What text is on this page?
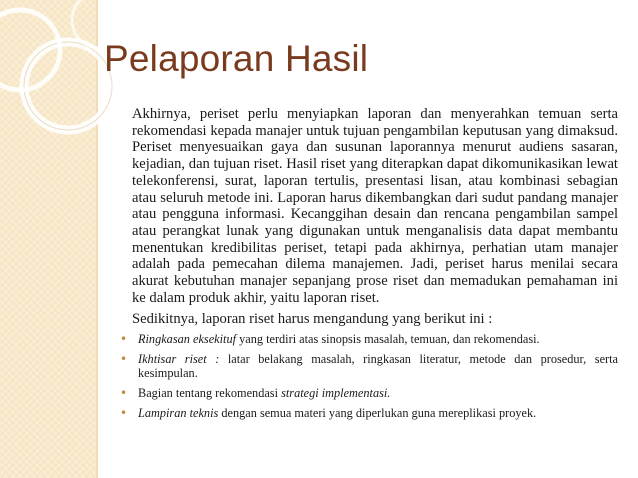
Pelaporan Hasil

Akhirnya, periset perlu menyiapkan laporan dan menyerahkan temuan serta rekomendasi kepada manajer untuk tujuan pengambilan keputusan yang dimaksud. Periset menyesuaikan gaya dan susunan laporannya menurut audiens sasaran, kejadian, dan tujuan riset. Hasil riset yang diterapkan dapat dikomunikasikan lewat telekonferensi, surat, laporan tertulis, presentasi lisan, atau kombinasi sebagian atau seluruh metode ini. Laporan harus dikembangkan dari sudut pandang manajer atau pengguna informasi. Kecanggihan desain dan rencana pengambilan sampel atau perangkat lunak yang digunakan untuk menganalisis data dapat membantu menentukan kredibilitas periset, tetapi pada akhirnya, perhatian utam manajer adalah pada pemecahan dilema manajemen. Jadi, periset harus menilai secara akurat kebutuhan manajer sepanjang prose riset dan memadukan pemahaman ini ke dalam produk akhir, yaitu laporan riset.

Sedikitnya, laporan riset harus mengandung yang berikut ini :

• Ringkasan eksekituf yang terdiri atas sinopsis masalah, temuan, dan rekomendasi.
• Ikhtisar riset : latar belakang masalah, ringkasan literatur, metode dan prosedur, serta kesimpulan.
• Bagian tentang rekomendasi strategi implementasi.
• Lampiran teknis dengan semua materi yang diperlukan guna mereplikasi proyek.
